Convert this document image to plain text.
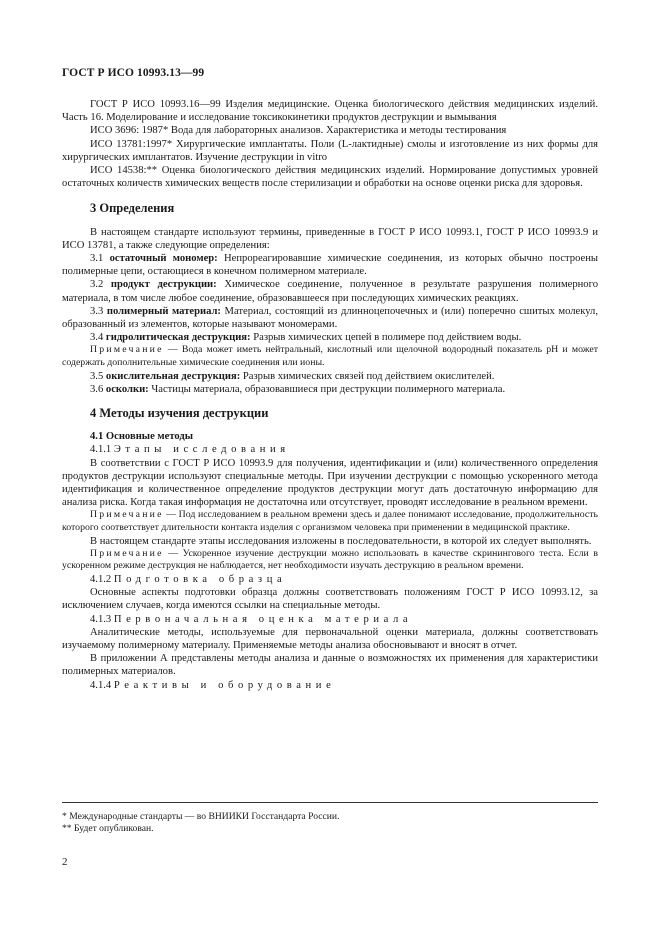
ГОСТ Р ИСО 10993.13—99

ГОСТ Р ИСО 10993.16—99 Изделия медицинские. Оценка биологического действия медицинских изделий. Часть 16. Моделирование и исследование токсикокинетики продуктов деструкции и вымывания

ИСО 3696: 1987* Вода для лабораторных анализов. Характеристика и методы тестирования

ИСО 13781:1997* Хирургические имплантаты. Поли (L-лактидные) смолы и изготовление из них формы для хирургических имплантатов. Изучение деструкции in vitro

ИСО 14538:** Оценка биологического действия медицинских изделий. Нормирование допустимых уровней остаточных количеств химических веществ после стерилизации и обработки на основе оценки риска для здоровья.

3 Определения

В настоящем стандарте используют термины, приведенные в ГОСТ Р ИСО 10993.1, ГОСТ Р ИСО 10993.9 и ИСО 13781, а также следующие определения:

3.1 остаточный мономер: Непрореагировавшие химические соединения, из которых обычно построены полимерные цепи, остающиеся в конечном полимерном материале.

3.2 продукт деструкции: Химическое соединение, полученное в результате разрушения полимерного материала, в том числе любое соединение, образовавшееся при последующих химических реакциях.

3.3 полимерный материал: Материал, состоящий из длинноцепочечных и (или) поперечно сшитых молекул, образованный из элементов, которые называют мономерами.

3.4 гидролитическая деструкция: Разрыв химических цепей в полимере под действием воды.

Примечание — Вода может иметь нейтральный, кислотный или щелочной водородный показатель pH и может содержать дополнительные химические соединения или ионы.

3.5 окислительная деструкция: Разрыв химических связей под действием окислителей.

3.6 осколки: Частицы материала, образовавшиеся при деструкции полимерного материала.

4 Методы изучения деструкции
4.1 Основные методы

4.1.1 Этапы исследования

В соответствии с ГОСТ Р ИСО 10993.9 для получения, идентификации и (или) количественного определения продуктов деструкции используют специальные методы. При изучении деструкции с помощью ускоренного метода идентификация и количественное определение продуктов деструкции могут дать достаточную информацию для анализа риска. Когда такая информация не достаточна или отсутствует, проводят исследование в реальном времени.

Примечание — Под исследованием в реальном времени здесь и далее понимают исследование, продолжительность которого соответствует длительности контакта изделия с организмом человека при применении в медицинской практике.

В настоящем стандарте этапы исследования изложены в последовательности, в которой их следует выполнять.

Примечание — Ускоренное изучение деструкции можно использовать в качестве скринингового теста. Если в ускоренном режиме деструкция не наблюдается, нет необходимости изучать деструкцию в реальном времени.

4.1.2 Подготовка образца

Основные аспекты подготовки образца должны соответствовать положениям ГОСТ Р ИСО 10993.12, за исключением случаев, когда имеются ссылки на специальные методы.

4.1.3 Первоначальная оценка материала

Аналитические методы, используемые для первоначальной оценки материала, должны соответствовать изучаемому полимерному материалу. Применяемые методы анализа обосновывают и вносят в отчет.

В приложении А представлены методы анализа и данные о возможностях их применения для характеристики полимерных материалов.

4.1.4 Реактивы и оборудование

* Международные стандарты — во ВНИИКИ Госстандарта России.
** Будет опубликован.
2
